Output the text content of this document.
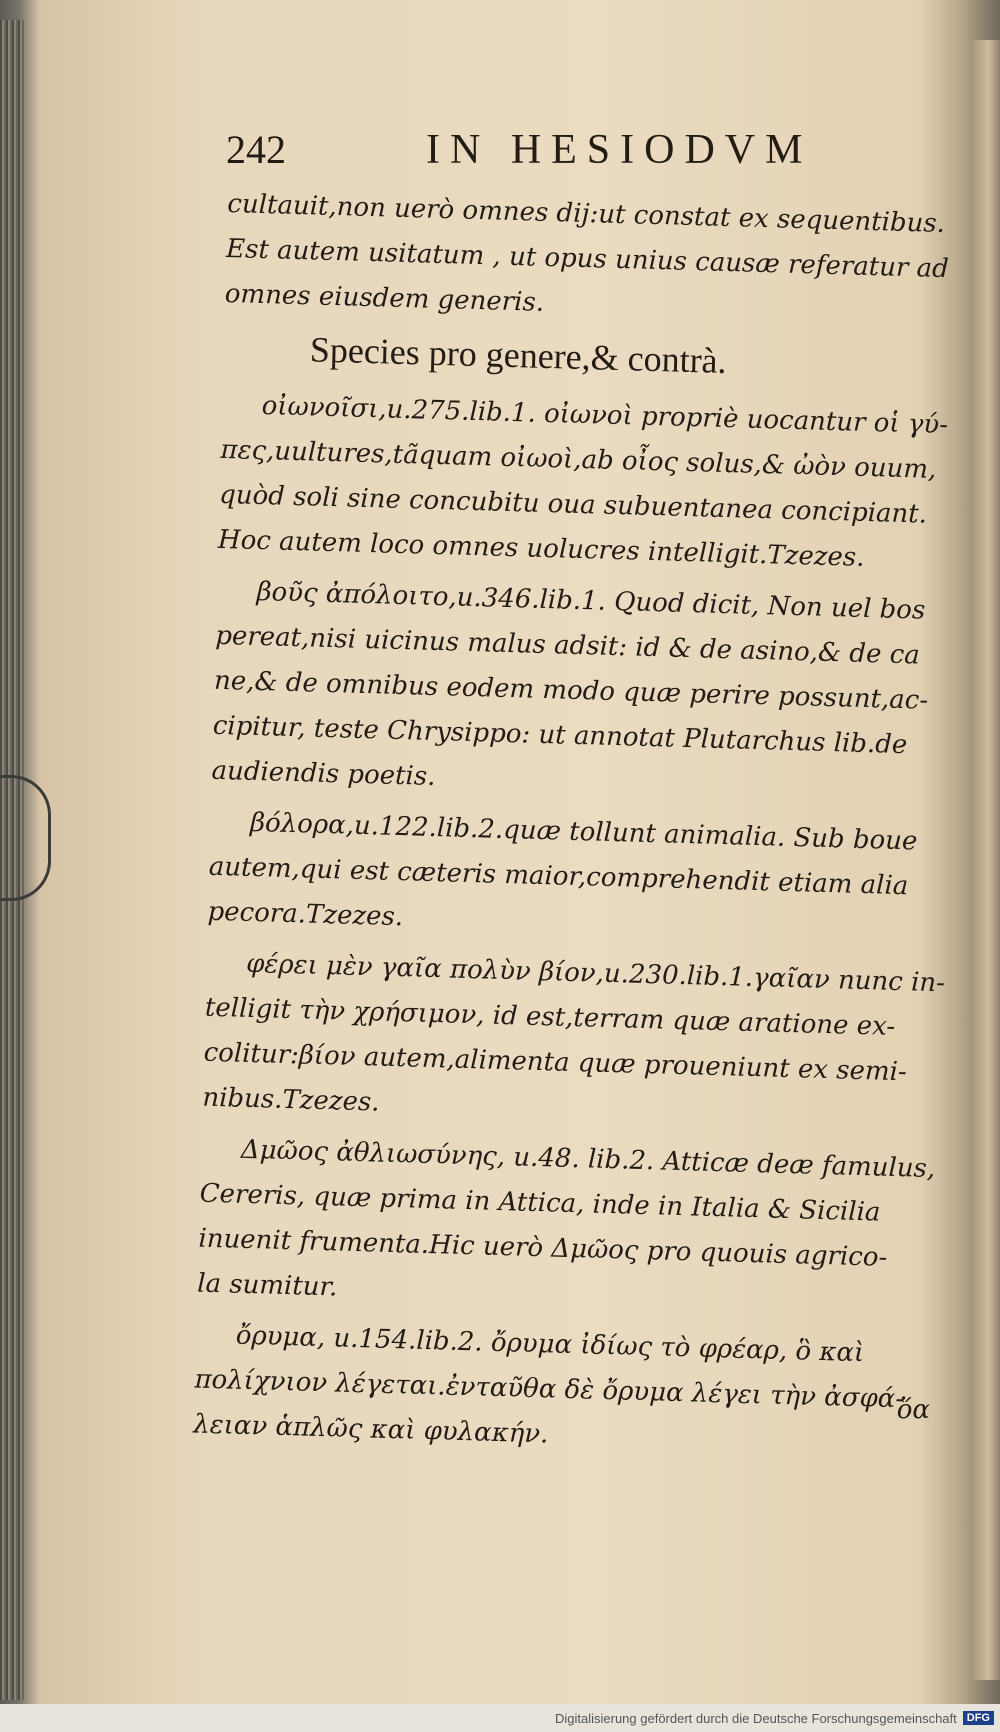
242	IN HESIODVM
cultauit,non uerò omnes dij:ut constat ex sequentibus.
Est autem usitatum , ut opus unius causæ referatur ad
omnes eiusdem generis.
Species pro genere,& contrà.
οἰωνοῖσι,u.275.lib.1. οἰωνοὶ propriè uocantur οἱ γύ-
πες,uultures,tãquam οἰωοὶ,ab οἶος solus,& ὠὸν ouum,
quòd soli sine concubitu oua subuentanea concipiant.
Hoc autem loco omnes uolucres intelligit.Tzezes.
βοῦς ἀπόλοιτο,u.346.lib.1. Quod dicit, Non uel bos
pereat,nisi uicinus malus adsit: id & de asino,& de ca
ne,& de omnibus eodem modo quæ perire possunt,ac-
cipitur, teste Chrysippo: ut annotat Plutarchus lib.de
audiendis poetis.
βόλορα,u.122.lib.2.quæ tollunt animalia. Sub boue
autem,qui est cæteris maior,comprehendit etiam alia
pecora.Tzezes.
φέρει μὲν γαῖα πολὺν βίον,u.230.lib.1.γαῖαν nunc in-
telligit τὴν χρήσιμον, id est,terram quæ aratione ex-
colitur:βίον autem,alimenta quæ proueniunt ex semi-
nibus.Tzezes.
Δμῶος ἀθλιωσύνης, u.48. lib.2. Atticæ deæ famulus,
Cereris, quæ prima in Attica, inde in Italia & Sicilia
inuenit frumenta.Hic uerò Δμῶος pro quouis agrico-
la sumitur.
ὄρυμα, u.154.lib.2. ὄρυμα ἰδίως τὸ φρέαρ, ὃ καὶ
πολίχνιον λέγεται.ἐνταῦθα δὲ ὄρυμα λέγει τὴν ἀσφά-
λειαν ἁπλῶς καὶ φυλακήν.	ὅα
Digitalisierung gefördert durch die Deutsche Forschungsgemeinschaft DFG
